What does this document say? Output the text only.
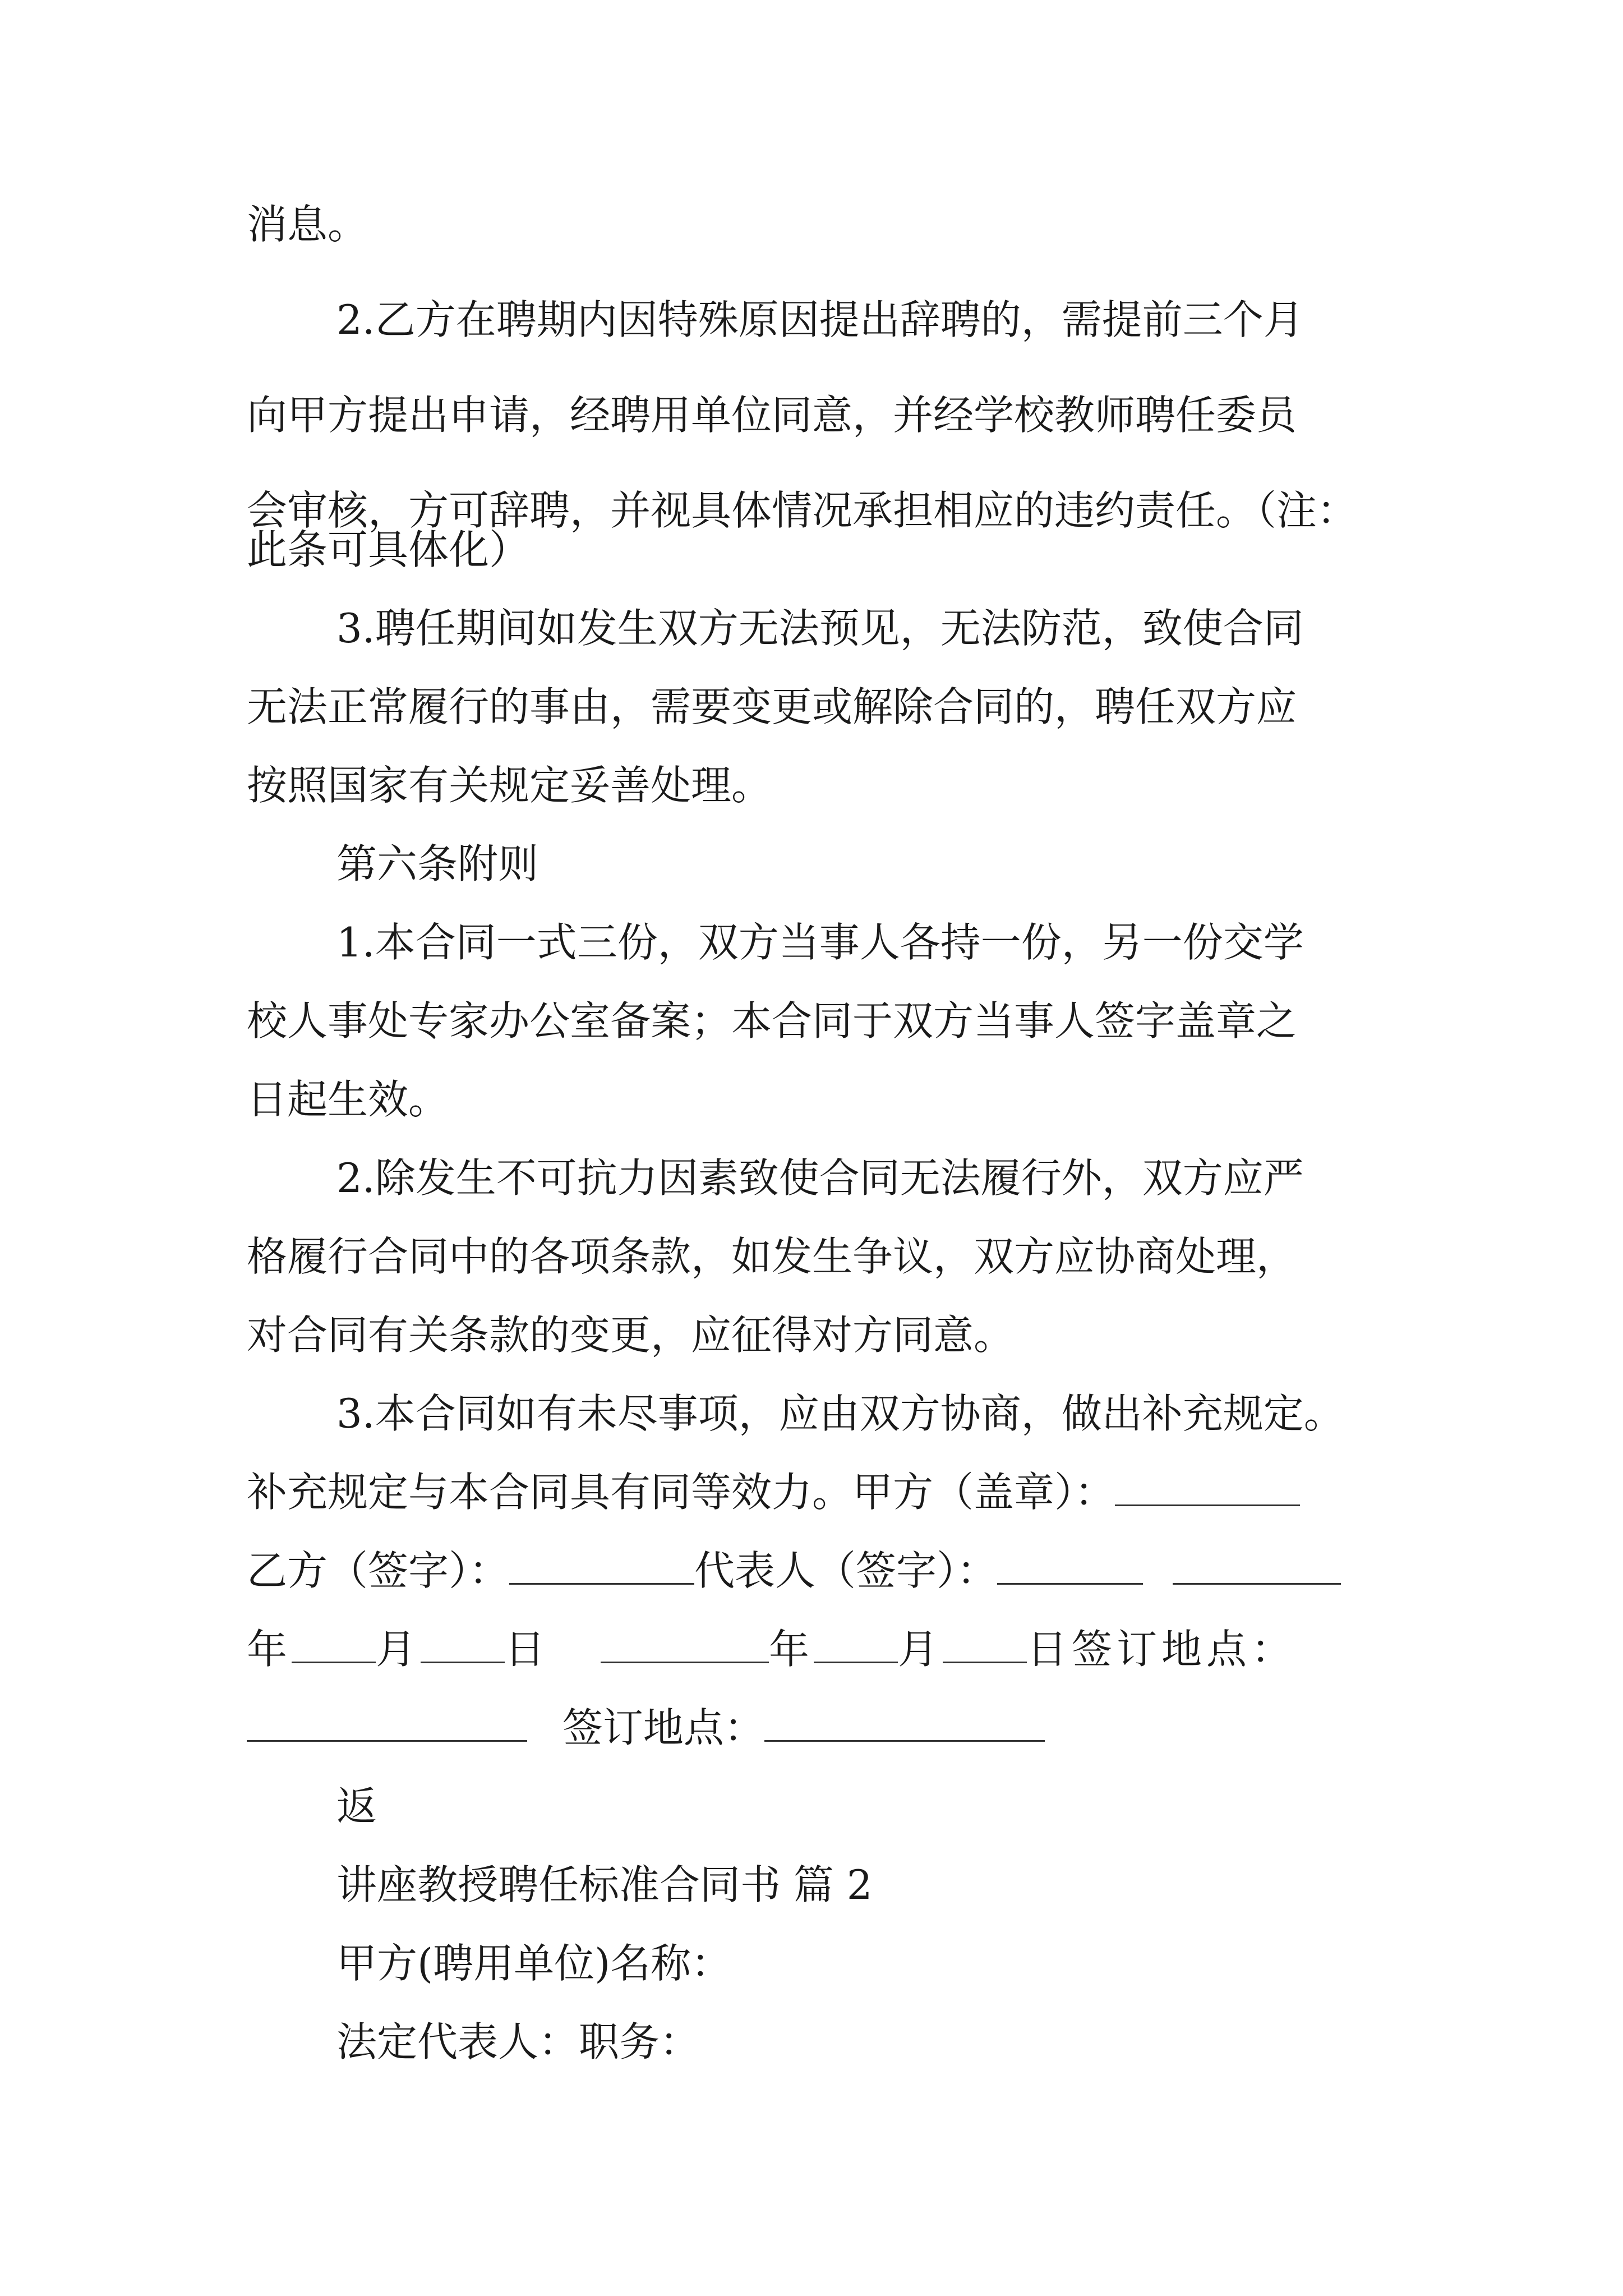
消息。
2.乙方在聘期内因特殊原因提出辞聘的，需提前三个月
向甲方提出申请，经聘用单位同意，并经学校教师聘任委员
会审核，方可辞聘，并视具体情况承担相应的违约责任。（注：
此条可具体化）
3.聘任期间如发生双方无法预见，无法防范，致使合同
无法正常履行的事由，需要变更或解除合同的，聘任双方应
按照国家有关规定妥善处理。
第六条附则
1.本合同一式三份，双方当事人各持一份，另一份交学
校人事处专家办公室备案；本合同于双方当事人签字盖章之
日起生效。
2.除发生不可抗力因素致使合同无法履行外，双方应严
格履行合同中的各项条款，如发生争议，双方应协商处理，
对合同有关条款的变更，应征得对方同意。
3.本合同如有未尽事项，应由双方协商，做出补充规定。
补充规定与本合同具有同等效力。甲方（盖章）：
乙方（签字）：	代表人（签字）：
年 月 日	年 月 日签订地点：
签订地点：
返
讲座教授聘任标准合同书 篇 2
甲方(聘用单位)名称：
法定代表人：职务：
